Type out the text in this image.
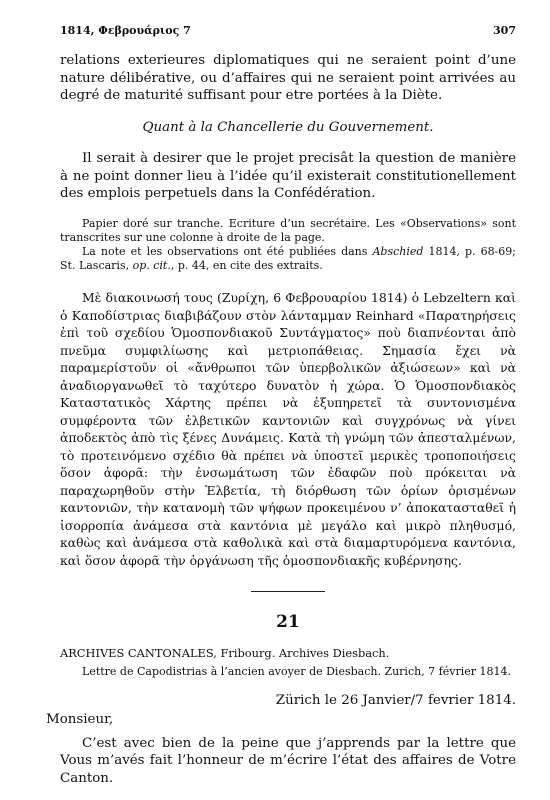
1814, Φεβρουάριος 7	307

relations exterieures diplomatiques qui ne seraient point d’une nature délibérative, ou d’affaires qui ne seraient point arrivées au degré de maturité suffisant pour etre portées à la Diète.

Quant à la Chancellerie du Gouvernement.

Il serait à desirer que le projet precisât la question de manière à ne point donner lieu à l’idée qu’il existerait constitutionellement des emplois perpetuels dans la Confédération.

Papier doré sur tranche. Ecriture d’un secrétaire. Les «Observations» sont transcrites sur une colonne à droite de la page.

La note et les observations ont été publiées dans Abschied 1814, p. 68-69; St. Lascaris, op. cit., p. 44, en cite des extraits.

Μὲ διακοινωσή τους (Ζυρίχη, 6 Φεβρουαρίου 1814) ὁ Lebzeltern καὶ ὁ Καποδίστριας διαβιβάζουν στὸν λάνταμμαν Reinhard «Παρατηρήσεις ἐπὶ τοῦ σχεδίου Ὁμοσπονδιακοῦ Συντάγματος» ποὺ διαπνέονται ἀπὸ πνεῦμα συμφιλίωσης καὶ μετριοπάθειας. Σημασία ἔχει νὰ παραμερίστοῦν οἱ «ἄνθρωποι τῶν ὑπερβολικῶν ἀξιώσεων» καὶ νὰ ἀναδιοργανωθεῖ τὸ ταχύτερο δυνατὸν ἡ χώρα. Ὁ Ὁμοσπονδιακὸς Καταστατικὸς Χάρτης πρέπει νὰ ἐξυπηρετεῖ τὰ συντονισμένα συμφέροντα τῶν ἐλβετικῶν καντονιῶν καὶ συγχρόνως νὰ γίνει ἀποδεκτὸς ἀπὸ τὶς ξένες Δυνάμεις. Κατὰ τὴ γνώμη τῶν ἀπεσταλμένων, τὸ προτεινόμενο σχέδιο θὰ πρέπει νὰ ὑποστεῖ μερικὲς τροποποιήσεις ὅσον ἀφορᾶ: τὴν ἐνσωμάτωση τῶν ἐδαφῶν ποὺ πρόκειται νὰ παραχωρηθοῦν στὴν Ἑλβετία, τὴ διόρθωση τῶν ὁρίων ὁρισμένων καντονιῶν, τὴν κατανομὴ τῶν ψήφων προκειμένου ν’ ἀποκατασταθεῖ ἡ ἰσορροπία ἀνάμεσα στὰ καντόνια μὲ μεγάλο καὶ μικρὸ πληθυσμό, καθὼς καὶ ἀνάμεσα στὰ καθολικὰ καὶ στὰ διαμαρτυρόμενα καντόνια, καὶ ὅσον ἀφορᾶ τὴν ὀργάνωση τῆς ὁμοσπονδιακῆς κυβέρνησης.

21

ARCHIVES CANTONALES, Fribourg. Archives Diesbach.

Lettre de Capodistrias à l’ancien avoyer de Diesbach. Zurich, 7 février 1814.

Zürich le 26 Janvier/7 fevrier 1814.

Monsieur,

C’est avec bien de la peine que j’apprends par la lettre que Vous m’avés fait l’honneur de m’écrire l’état des affaires de Votre Canton.
